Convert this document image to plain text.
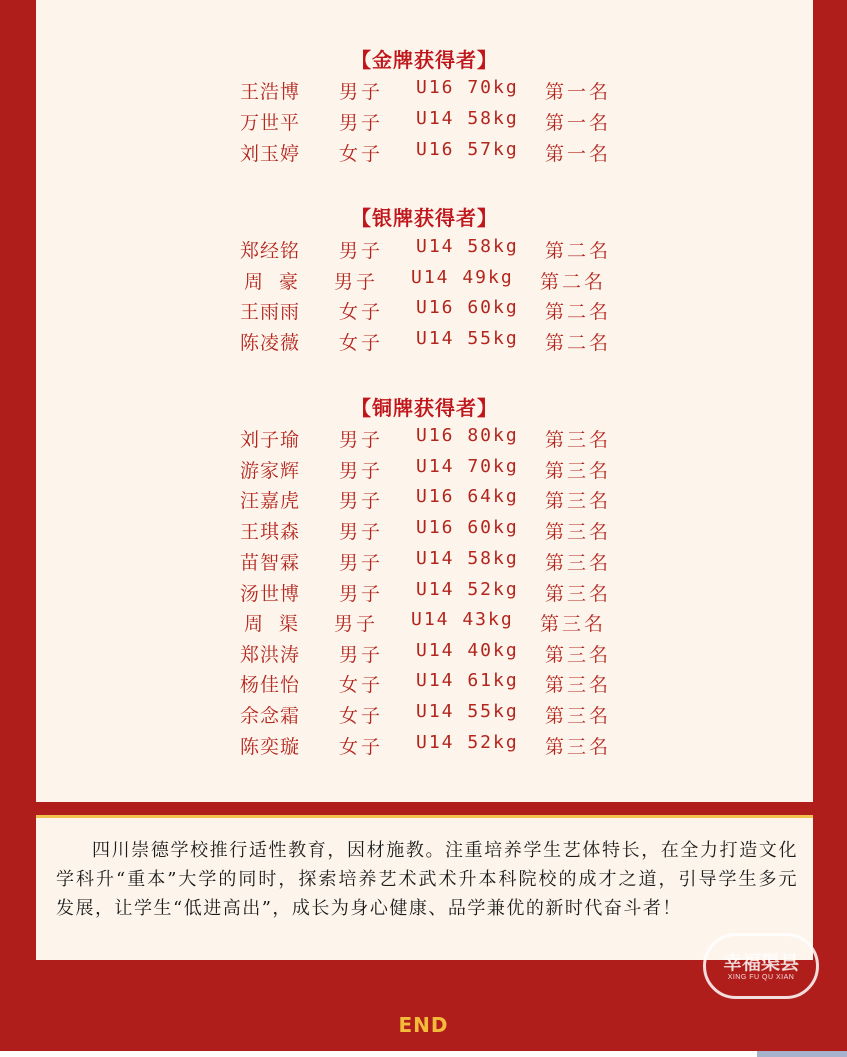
【金牌获得者】
王浩博 男子 U16 70kg 第一名
万世平 男子 U14 58kg 第一名
刘玉婷 女子 U16 57kg 第一名
【银牌获得者】
郑经铭 男子 U14 58kg 第二名
周豪 男子 U14 49kg 第二名
王雨雨 女子 U16 60kg 第二名
陈凌薇 女子 U14 55kg 第二名
【铜牌获得者】
刘子瑜 男子 U16 80kg 第三名
游家辉 男子 U14 70kg 第三名
汪嘉虎 男子 U16 64kg 第三名
王琪森 男子 U16 60kg 第三名
苗智霖 男子 U14 58kg 第三名
汤世博 男子 U14 52kg 第三名
周渠 男子 U14 43kg 第三名
郑洪涛 男子 U14 40kg 第三名
杨佳怡 女子 U14 61kg 第三名
余念霜 女子 U14 55kg 第三名
陈奕璇 女子 U14 52kg 第三名

四川崇德学校推行适性教育，因材施教。注重培养学生艺体特长，在全力打造文化学科升“重本”大学的同时，探索培养艺术武术升本科院校的成才之道，引导学生多元发展，让学生“低进高出”，成长为身心健康、品学兼优的新时代奋斗者！

幸福渠县
XING FU QU XIAN
END
